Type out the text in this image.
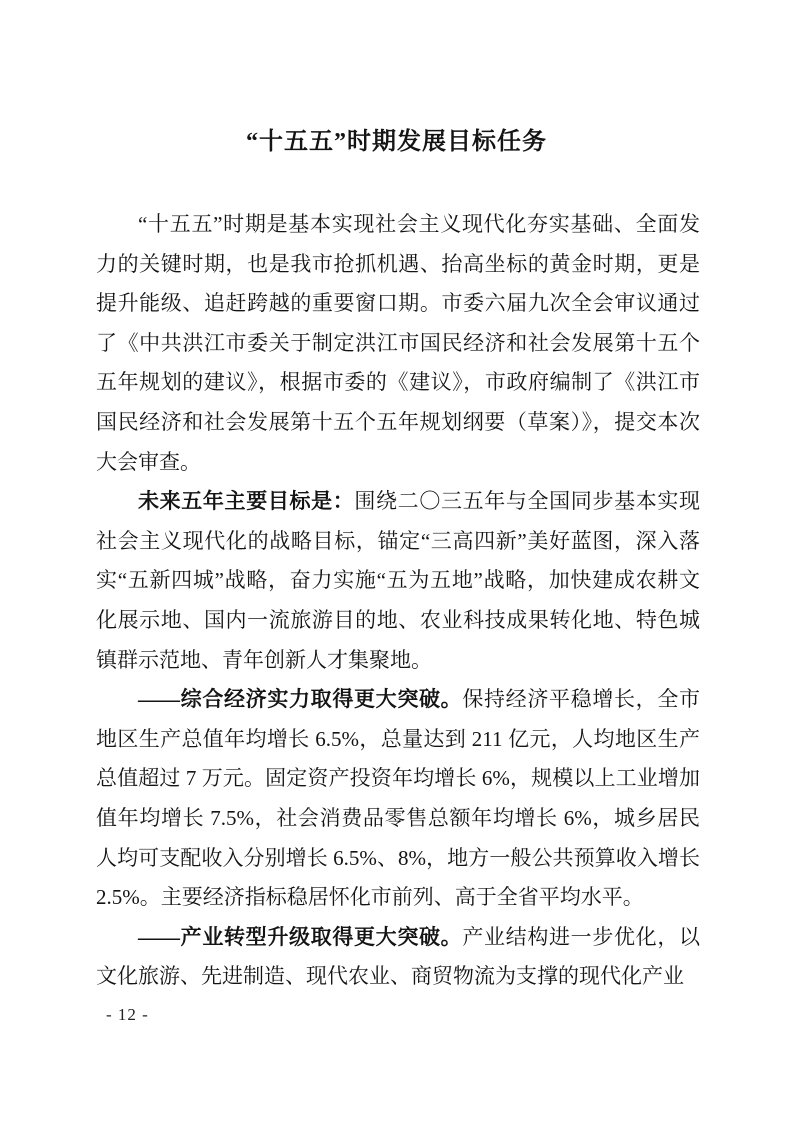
“十五五”时期发展目标任务

“十五五”时期是基本实现社会主义现代化夯实基础、全面发力的关键时期，也是我市抢抓机遇、抬高坐标的黄金时期，更是提升能级、追赶跨越的重要窗口期。市委六届九次全会审议通过了《中共洪江市委关于制定洪江市国民经济和社会发展第十五个五年规划的建议》，根据市委的《建议》，市政府编制了《洪江市国民经济和社会发展第十五个五年规划纲要（草案）》，提交本次大会审查。

未来五年主要目标是：围绕二〇三五年与全国同步基本实现社会主义现代化的战略目标，锚定“三高四新”美好蓝图，深入落实“五新四城”战略，奋力实施“五为五地”战略，加快建成农耕文化展示地、国内一流旅游目的地、农业科技成果转化地、特色城镇群示范地、青年创新人才集聚地。

——综合经济实力取得更大突破。保持经济平稳增长，全市地区生产总值年均增长 6.5%，总量达到 211 亿元，人均地区生产总值超过 7 万元。固定资产投资年均增长 6%，规模以上工业增加值年均增长 7.5%，社会消费品零售总额年均增长 6%，城乡居民人均可支配收入分别增长 6.5%、8%，地方一般公共预算收入增长 2.5%。主要经济指标稳居怀化市前列、高于全省平均水平。

——产业转型升级取得更大突破。产业结构进一步优化，以文化旅游、先进制造、现代农业、商贸物流为支撑的现代化产业

- 12 -
